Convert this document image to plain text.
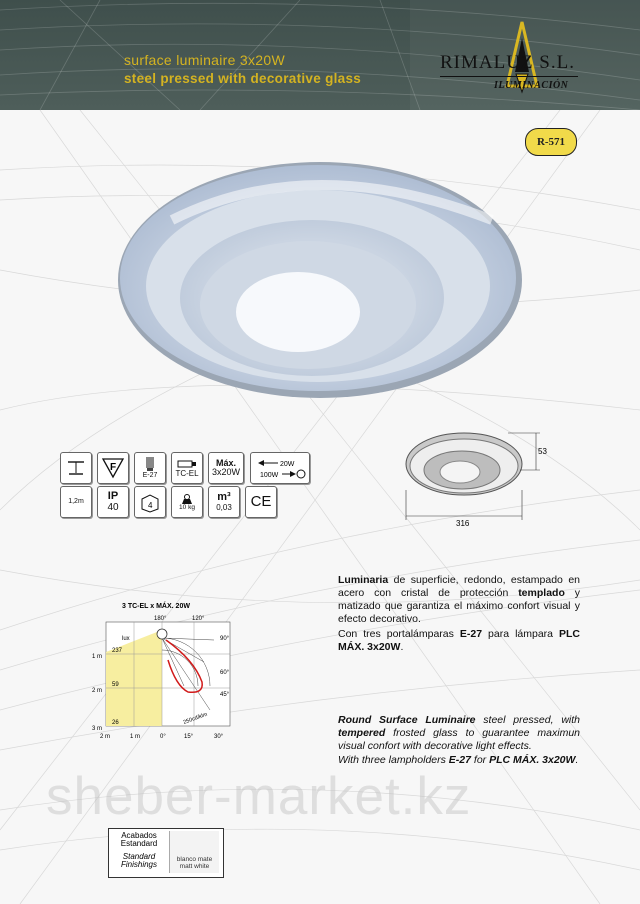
surface luminaire 3x20W
steel pressed with decorative glass
RIMALUZ S.L.
ILUMINACIÓN
R-571
F
E-27 TC-EL
Máx.
3x20W
20W
100W
1,2m IP
40	4	10 kg
m³
0,03 CE
53
316

Luminaria de superficie, redondo, estampado en acero con cristal de protección templado y matizado que garantiza el máximo confort visual y efecto decorativo.

Con tres portalámparas E-27 para lámpara PLC MÁX. 3x20W.

Round Surface Luminaire steel pressed, with tempered frosted glass to guarantee maximun visual confort with decorative light effects.

With three lampholders E-27 for PLC MÁX. 3x20W.

3 TC-EL x MÁX. 20W
lux
1 m
2 m
3 m
237
59
26
180°	120°
90°
60°
45°
250cd/klm
2 m	1 m	0°	15°	30°
sheber-market.kz
Acabados
Estandard
Standard
Finishings
blanco mate
matt white
